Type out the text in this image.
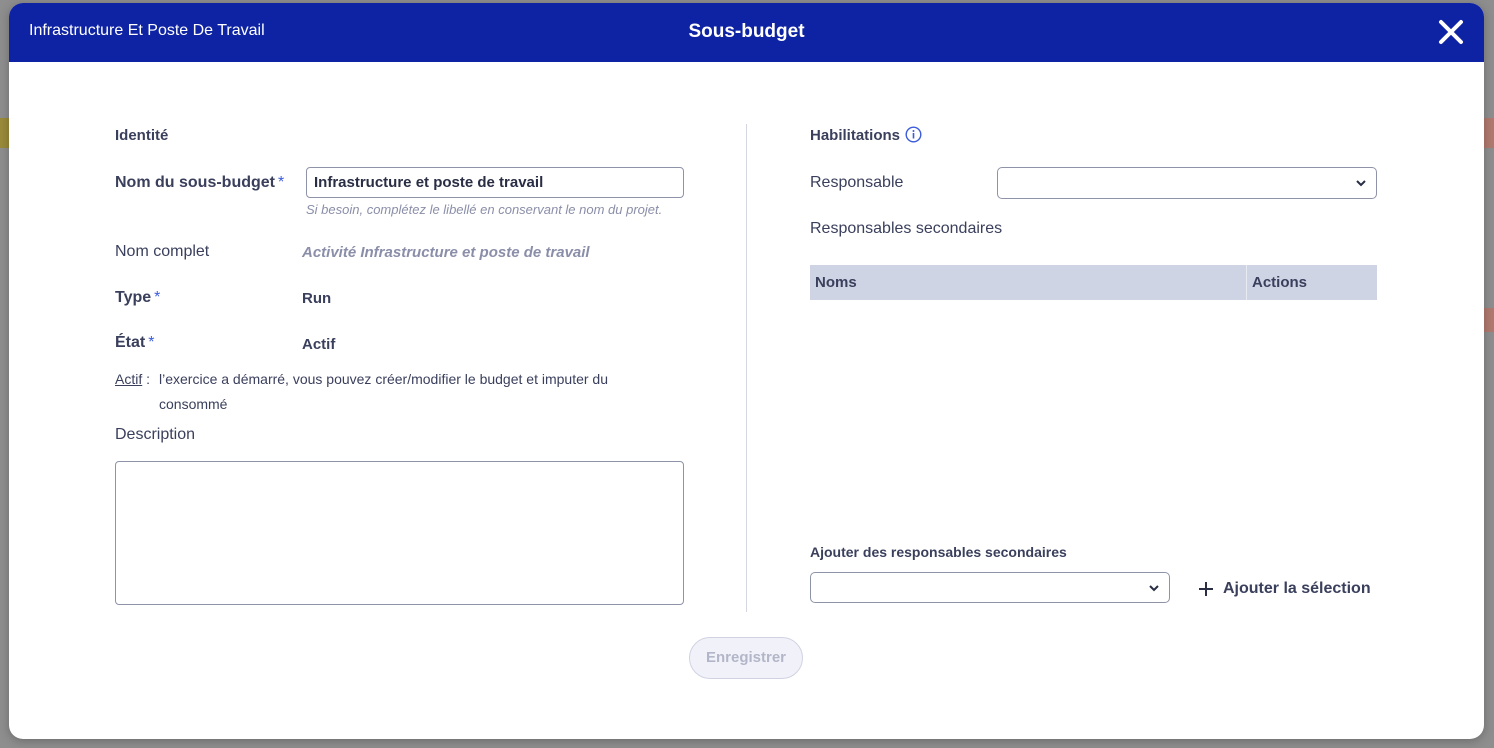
Infrastructure Et Poste De Travail	Sous-budget
Identité
Nom du sous-budget *
Infrastructure et poste de travail
Si besoin, complétez le libellé en conservant le nom du projet.
Nom complet	Activité Infrastructure et poste de travail
Type *	Run
État *	Actif
Actif : l’exercice a démarré, vous pouvez créer/modifier le budget et imputer du
consommé
Description
Habilitations
Responsable
Responsables secondaires
Noms	Actions
Ajouter des responsables secondaires
Ajouter la sélection
Enregistrer
